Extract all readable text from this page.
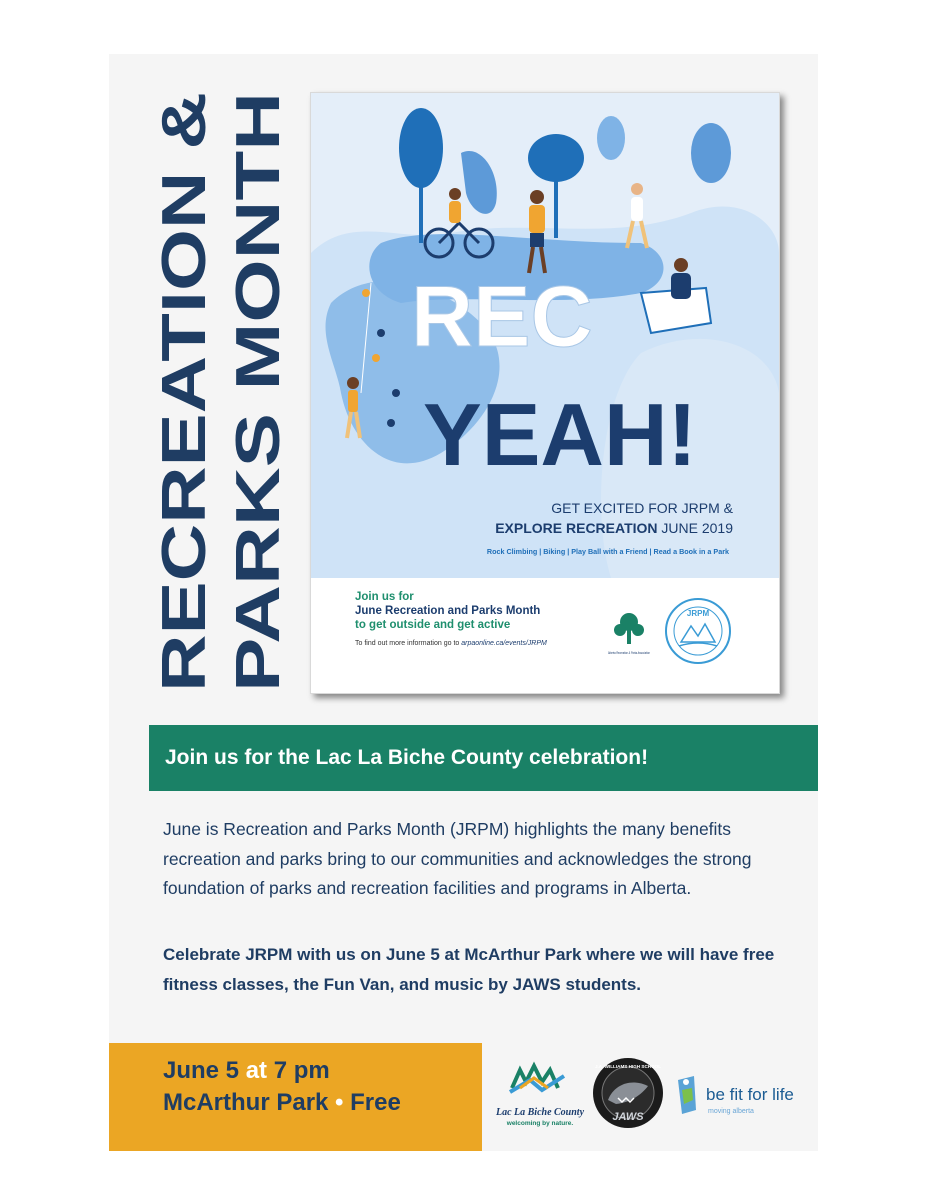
RECREATION & PARKS MONTH REC
YEAH!
GET EXCITED FOR JRPM &
EXPLORE RECREATION JUNE 2019
Rock Climbing | Biking | Play Ball with a Friend | Read a Book in a Park
Join us for
June Recreation and Parks Month
to get outside and get active
To find out more information go to arpaonline.ca/events/JRPM
Alberta Recreation & Parks Association
JRPM
Join us for the Lac La Biche County celebration!
June is Recreation and Parks Month (JRPM) highlights the many benefits recreation and parks bring to our communities and acknowledges the strong foundation of parks and recreation facilities and programs in Alberta.
Celebrate JRPM with us on June 5 at McArthur Park where we will have free fitness classes, the Fun Van, and music by JAWS students.
June 5 at 7 pm
McArthur Park • Free	Lac La Biche County
welcoming by nature.
J.A. WILLIAMS HIGH SCHOOL
JAWS
be fit for life
moving alberta
